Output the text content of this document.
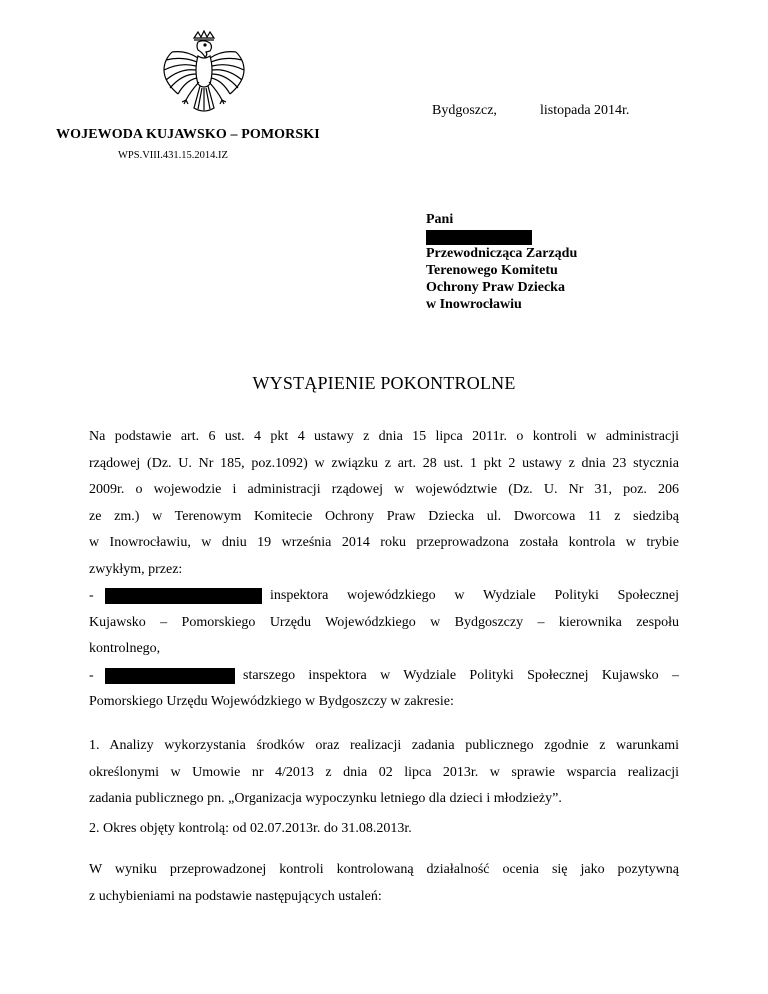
Bydgoszcz,	listopada 2014r.
WOJEWODA KUJAWSKO – POMORSKI
WPS.VIII.431.15.2014.IZ
Pani
Przewodnicząca Zarządu
Terenowego Komitetu
Ochrony Praw Dziecka
w Inowrocławiu
WYSTĄPIENIE POKONTROLNE
Na podstawie art. 6 ust. 4 pkt 4 ustawy z dnia 15 lipca 2011r. o kontroli w administracji
rządowej (Dz. U. Nr 185, poz.1092) w związku z art. 28 ust. 1 pkt 2 ustawy z dnia 23 stycznia
2009r. o wojewodzie i administracji rządowej w województwie (Dz. U. Nr 31, poz. 206
ze zm.) w Terenowym Komitecie Ochrony Praw Dziecka ul. Dworcowa 11 z siedzibą
w Inowrocławiu, w dniu 19 września 2014 roku przeprowadzona została kontrola w trybie
zwykłym, przez:
-	inspektora wojewódzkiego w Wydziale Polityki Społecznej
Kujawsko – Pomorskiego Urzędu Wojewódzkiego w Bydgoszczy – kierownika zespołu
kontrolnego,
-	starszego inspektora w Wydziale Polityki Społecznej Kujawsko –
Pomorskiego Urzędu Wojewódzkiego w Bydgoszczy w zakresie:
1. Analizy wykorzystania środków oraz realizacji zadania publicznego zgodnie z warunkami
określonymi w Umowie nr 4/2013 z dnia 02 lipca 2013r. w sprawie wsparcia realizacji
zadania publicznego pn. „Organizacja wypoczynku letniego dla dzieci i młodzieży”.
2. Okres objęty kontrolą: od 02.07.2013r. do 31.08.2013r.
W wyniku przeprowadzonej kontroli kontrolowaną działalność ocenia się jako pozytywną
z uchybieniami na podstawie następujących ustaleń:
